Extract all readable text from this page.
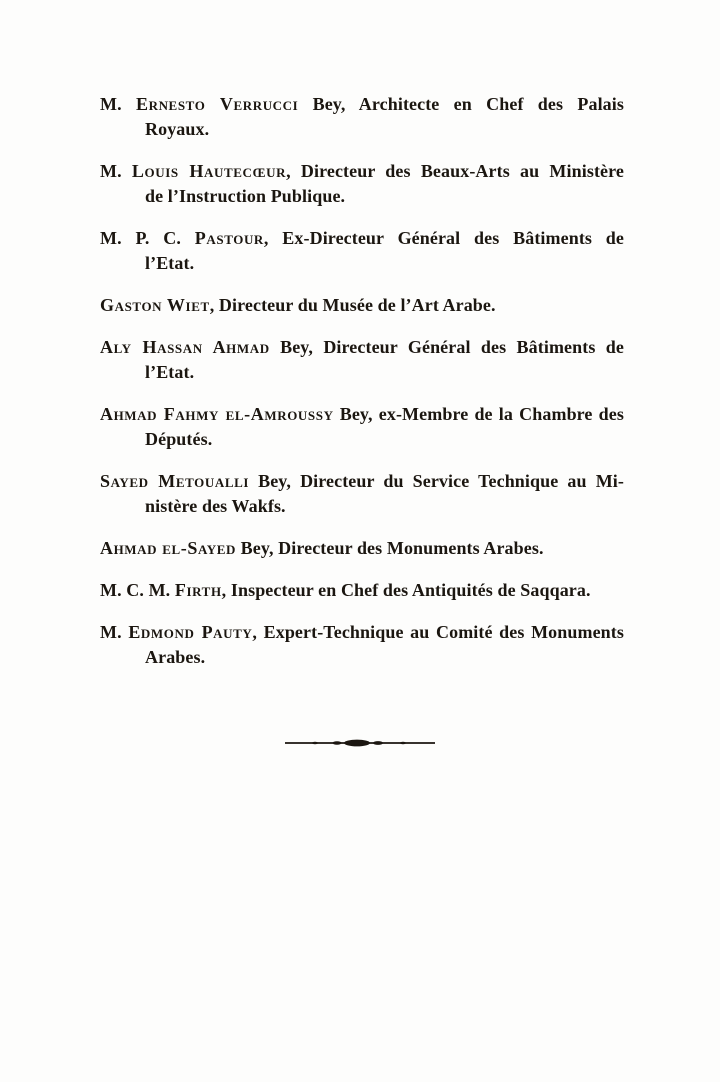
M. Ernesto Verrucci Bey, Architecte en Chef des Palais
Royaux.
M. Louis Hautecœur, Directeur des Beaux-Arts au Ministère
de l’Instruction Publique.
M. P. C. Pastour, Ex-Directeur Général des Bâtiments de
l’Etat.
Gaston Wiet, Directeur du Musée de l’Art Arabe.
Aly Hassan Ahmad Bey, Directeur Général des Bâtiments de
l’Etat.
Ahmad Fahmy el-Amroussy Bey, ex-Membre de la Chambre des
Députés.
Sayed Metoualli Bey, Directeur du Service Technique au Mi-
nistère des Wakfs.
Ahmad el-Sayed Bey, Directeur des Monuments Arabes.
M. C. M. Firth, Inspecteur en Chef des Antiquités de Saqqara.
M. Edmond Pauty, Expert-Technique au Comité des Monuments
Arabes.
